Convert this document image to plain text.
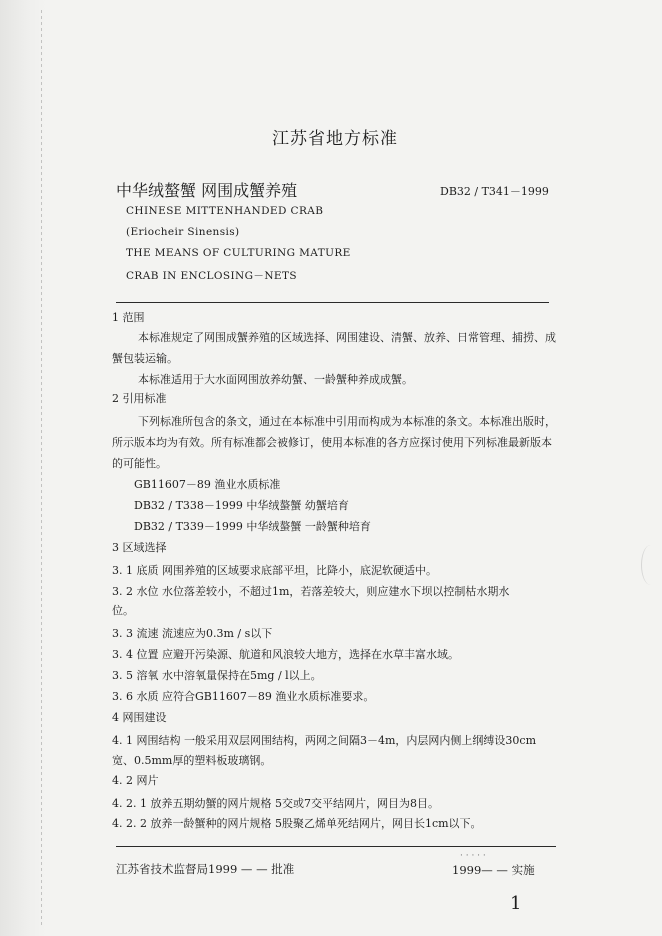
江苏省地方标准
中华绒螯蟹 网围成蟹养殖	DB32 / T341－1999
CHINESE MITTENHANDED CRAB
(Eriocheir Sinensis)
THE MEANS OF CULTURING MATURE
CRAB IN ENCLOSING－NETS
1 范围
本标准规定了网围成蟹养殖的区域选择、网围建设、清蟹、放养、日常管理、捕捞、成蟹包装运输。
本标准适用于大水面网围放养幼蟹、一龄蟹种养成成蟹。
2 引用标准
下列标准所包含的条文，通过在本标准中引用而构成为本标准的条文。本标准出版时，所示版本均为有效。所有标准都会被修订，使用本标准的各方应探讨使用下列标准最新版本的可能性。
GB11607－89 渔业水质标准
DB32 / T338－1999 中华绒螯蟹 幼蟹培育
DB32 / T339－1999 中华绒螯蟹 一龄蟹种培育
3 区域选择
3. 1 底质 网围养殖的区域要求底部平坦，比降小，底泥软硬适中。
3. 2 水位 水位落差较小，不超过1m，若落差较大，则应建水下坝以控制枯水期水
位。
3. 3 流速 流速应为0.3m / s以下
3. 4 位置 应避开污染源、航道和风浪较大地方，选择在水草丰富水域。
3. 5 溶氧 水中溶氧量保持在5mg / l以上。
3. 6 水质 应符合GB11607－89 渔业水质标准要求。
4 网围建设
4. 1 网围结构 一般采用双层网围结构，两网之间隔3－4m，内层网内侧上纲缚设30cm
宽、0.5mm厚的塑料板玻璃钢。
4. 2 网片
4. 2. 1 放养五期幼蟹的网片规格 5交或7交平结网片，网目为8目。
4. 2. 2 放养一龄蟹种的网片规格 5股聚乙烯单死结网片，网目长1cm以下。
· · · · ·
江苏省技术监督局1999 — — 批准	1999— — 实施
1
